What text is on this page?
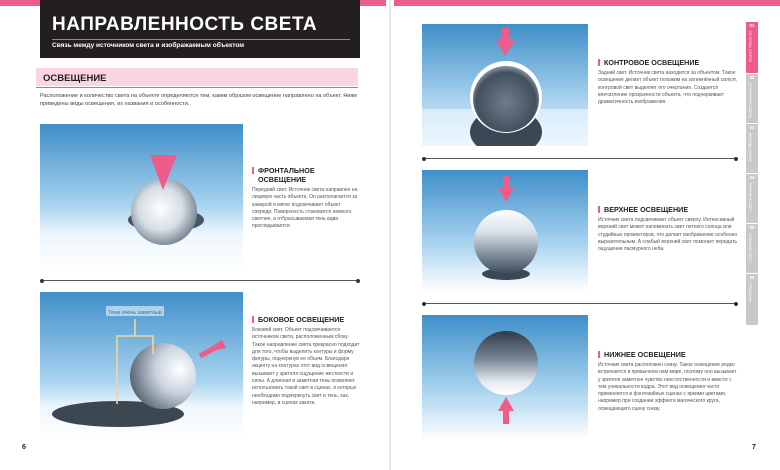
НАПРАВЛЕННОСТЬ СВЕТА
Связь между источником света и изображаемым объектом
ОСВЕЩЕНИЕ

Расположение и количество света на объекте определяются тем, каким образом освещение направлено на объект. Ниже приведены виды освещения, их названия и особенности.

ФРОНТАЛЬНОЕ ОСВЕЩЕНИЕ

Передний свет. Источник света направлен на лицевую часть объекта. Он располагается за камерой и мягко подсвечивает объект спереди. Поверхность становится немного светлее, а отбрасываемая тень едва проглядывается.

Тени очень заметные
БОКОВОЕ ОСВЕЩЕНИЕ

Боковой свет. Объект подсвечивается источником света, расположенным сбоку. Такое направление света прекрасно подходит для того, чтобы выделить контуры и форму фигуры, подчеркнув ее объем. Благодаря акценту на контурах этот вид освещения вызывает у зрителя ощущение жесткости и силы. А длинная и заметная тень позволяет использовать такой свет в сценах, в которых необходимо подчеркнуть свет и тень, как, например, в сценах заката.

6
КОНТРОВОЕ ОСВЕЩЕНИЕ

Задний свет. Источник света находится за объектом. Такое освещение делает объект похожим на затемнённый силуэт, контровой свет выделяет его очертания. Создается впечатление прозрачности объекта, что подчеркивает драматичность изображения.

ВЕРХНЕЕ ОСВЕЩЕНИЕ

Источник света подсвечивает объект сверху. Интенсивный верхний свет может напоминать свет летнего солнца или студийных прожекторов, что делает изображение особенно выразительным. А слабый верхний свет помогает передать ощущение пасмурного неба.

НИЖНЕЕ ОСВЕЩЕНИЕ

Источник света расположен снизу. Такое освещение редко встречается в привычном нам мире, поэтому оно вызывает у зрителя заметное чувство неестественности и вместе с тем уникальности кадра. Этот вид освещения часто применяется в фэнтезийных сценах с яркими цветами, например при создании эффекта магического круга, освещающего сцену снизу.

7
01
ОСНОВЫ СВЕТА
02
СТРУКТУРА СВЕТА
03
МЕТОДЫ ТЕНИ
04
ВРЕМЯ И СВЕТ
05
ОСОБЫЙ СВЕТ
06
ПРАКТИКА
